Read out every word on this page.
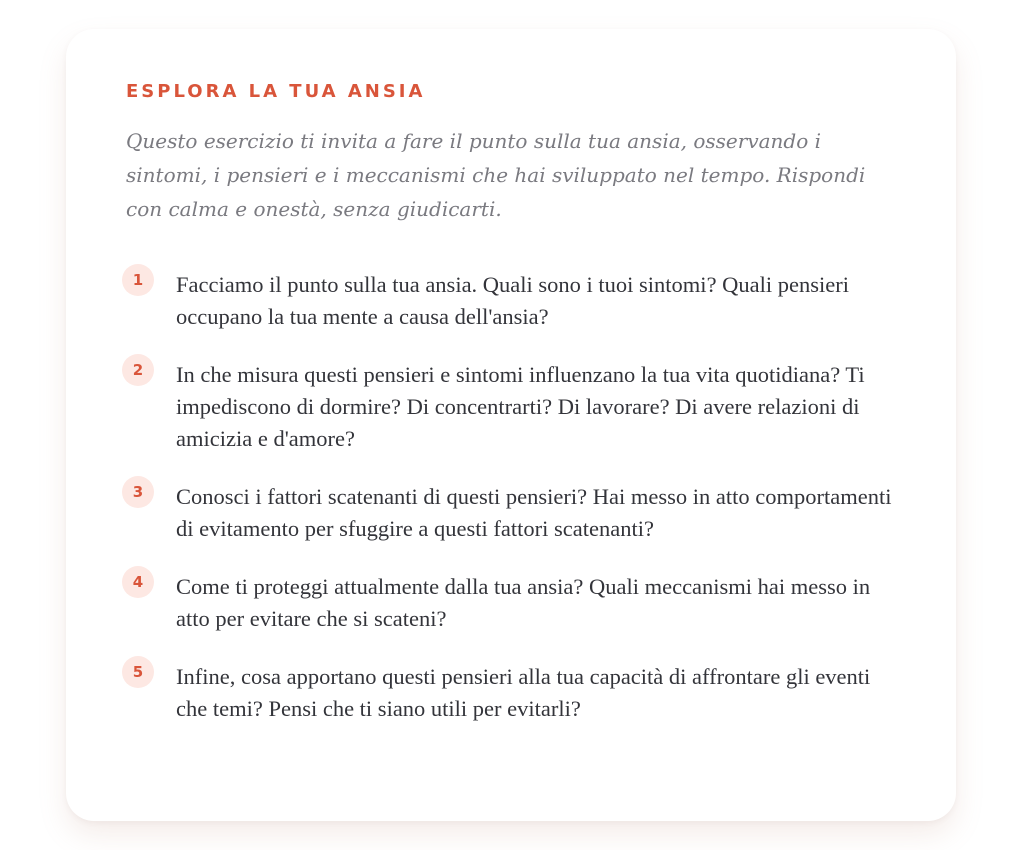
ESPLORA LA TUA ANSIA

Questo esercizio ti invita a fare il punto sulla tua ansia, osservando i sintomi, i pensieri e i meccanismi che hai sviluppato nel tempo. Rispondi con calma e onestà, senza giudicarti.

1	Facciamo il punto sulla tua ansia. Quali sono i tuoi sintomi? Quali pensieri occupano la tua mente a causa dell'ansia?
2	In che misura questi pensieri e sintomi influenzano la tua vita quotidiana? Ti impediscono di dormire? Di concentrarti? Di lavorare? Di avere relazioni di amicizia e d'amore?
3	Conosci i fattori scatenanti di questi pensieri? Hai messo in atto comportamenti di evitamento per sfuggire a questi fattori scatenanti?
4	Come ti proteggi attualmente dalla tua ansia? Quali meccanismi hai messo in atto per evitare che si scateni?
5	Infine, cosa apportano questi pensieri alla tua capacità di affrontare gli eventi che temi? Pensi che ti siano utili per evitarli?
